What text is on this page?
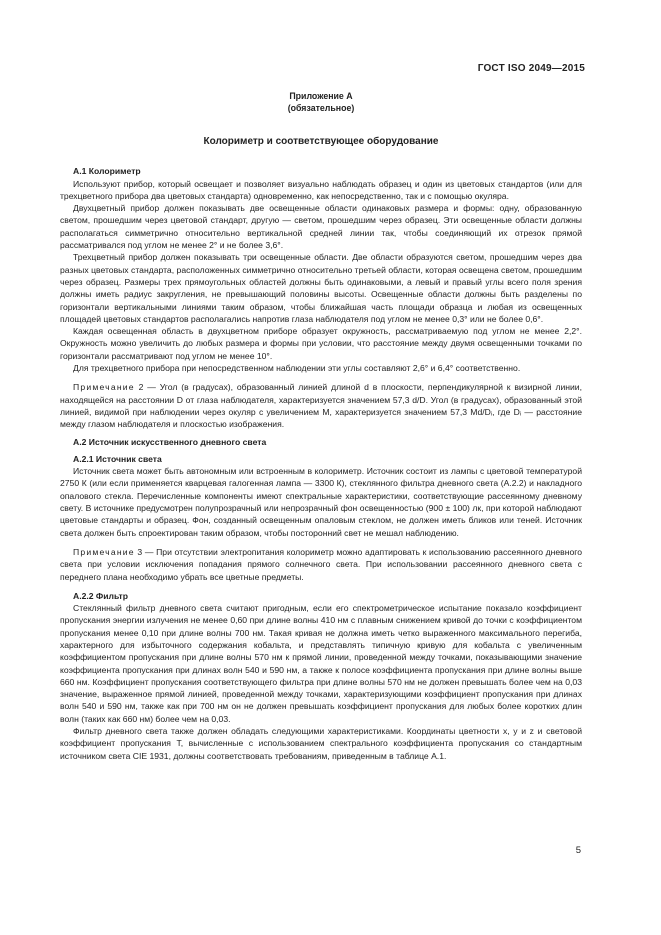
ГОСТ ISO 2049—2015
Приложение А
(обязательное)
Колориметр и соответствующее оборудование
А.1 Колориметр

Используют прибор, который освещает и позволяет визуально наблюдать образец и один из цветовых стандартов (или для трехцветного прибора два цветовых стандарта) одновременно, как непосредственно, так и с помощью окуляра.

Двухцветный прибор должен показывать две освещенные области одинаковых размера и формы: одну, образованную светом, прошедшим через цветовой стандарт, другую — светом, прошедшим через образец. Эти освещенные области должны располагаться симметрично относительно вертикальной средней линии так, чтобы соединяющий их отрезок прямой рассматривался под углом не менее 2° и не более 3,6°.

Трехцветный прибор должен показывать три освещенные области. Две области образуются светом, прошедшим через два разных цветовых стандарта, расположенных симметрично относительно третьей области, которая освещена светом, прошедшим через образец. Размеры трех прямоугольных областей должны быть одинаковыми, а левый и правый углы всего поля зрения должны иметь радиус закругления, не превышающий половины высоты. Освещенные области должны быть разделены по горизонтали вертикальными линиями таким образом, чтобы ближайшая часть площади образца и любая из освещенных площадей цветовых стандартов располагались напротив глаза наблюдателя под углом не менее 0,3° или не более 0,6°.

Каждая освещенная область в двухцветном приборе образует окружность, рассматриваемую под углом не менее 2,2°. Окружность можно увеличить до любых размера и формы при условии, что расстояние между двумя освещенными точками по горизонтали рассматривают под углом не менее 10°.

Для трехцветного прибора при непосредственном наблюдении эти углы составляют 2,6° и 6,4° соответственно.

Примечание 2 — Угол (в градусах), образованный линией длиной d в плоскости, перпендикулярной к визирной линии, находящейся на расстоянии D от глаза наблюдателя, характеризуется значением 57,3 d/D. Угол (в градусах), образованный этой линией, видимой при наблюдении через окуляр с увеличением M, характеризуется значением 57,3 Md/Dᵢ, где Dᵢ — расстояние между глазом наблюдателя и плоскостью изображения.

А.2 Источник искусственного дневного света
А.2.1 Источник света

Источник света может быть автономным или встроенным в колориметр. Источник состоит из лампы с цветовой температурой 2750 К (или если применяется кварцевая галогенная лампа — 3300 К), стеклянного фильтра дневного света (А.2.2) и накладного опалового стекла. Перечисленные компоненты имеют спектральные характеристики, соответствующие рассеянному дневному свету. В источнике предусмотрен полупрозрачный или непрозрачный фон освещенностью (900 ± 100) лк, при которой наблюдают цветовые стандарты и образец. Фон, созданный освещенным опаловым стеклом, не должен иметь бликов или теней. Источник света должен быть спроектирован таким образом, чтобы посторонний свет не мешал наблюдению.

Примечание 3 — При отсутствии электропитания колориметр можно адаптировать к использованию рассеянного дневного света при условии исключения попадания прямого солнечного света. При использовании рассеянного дневного света с переднего плана необходимо убрать все цветные предметы.

А.2.2 Фильтр

Стеклянный фильтр дневного света считают пригодным, если его спектрометрическое испытание показало коэффициент пропускания энергии излучения не менее 0,60 при длине волны 410 нм с плавным снижением кривой до точки с коэффициентом пропускания менее 0,10 при длине волны 700 нм. Такая кривая не должна иметь четко выраженного максимального перегиба, характерного для избыточного содержания кобальта, и представлять типичную кривую для кобальта с увеличенным коэффициентом пропускания при длине волны 570 нм к прямой линии, проведенной между точками, показывающими значение коэффициента пропускания при длинах волн 540 и 590 нм, а также к полосе коэффициента пропускания при длине волны выше 660 нм. Коэффициент пропускания соответствующего фильтра при длине волны 570 нм не должен превышать более чем на 0,03 значение, выраженное прямой линией, проведенной между точками, характеризующими коэффициент пропускания при длинах волн 540 и 590 нм, также как при 700 нм он не должен превышать коэффициент пропускания для любых более коротких длин волн (таких как 660 нм) более чем на 0,03.

Фильтр дневного света также должен обладать следующими характеристиками. Координаты цветности x, y и z и световой коэффициент пропускания T, вычисленные с использованием спектрального коэффициента пропускания со стандартным источником света CIE 1931, должны соответствовать требованиям, приведенным в таблице А.1.

5
